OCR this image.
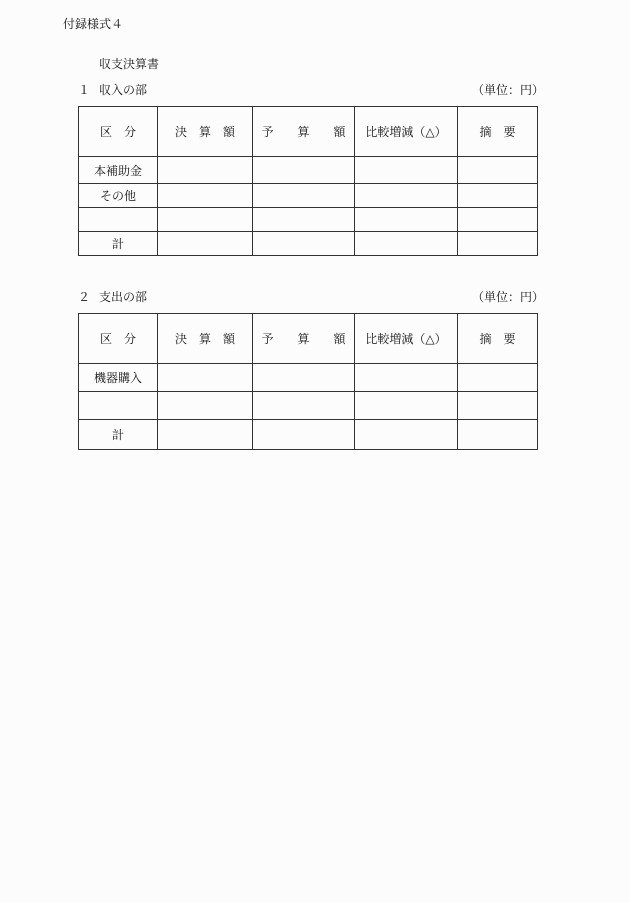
付録様式４
収支決算書
１ 収入の部	（単位：円）
区　分	決　算　額	予　　算　　額	比較増減（△）	摘　要
本補助金				
その他				

計				
２ 支出の部	（単位：円）
区　分	決　算　額	予　　算　　額	比較増減（△）	摘　要
機器購入				

計				
